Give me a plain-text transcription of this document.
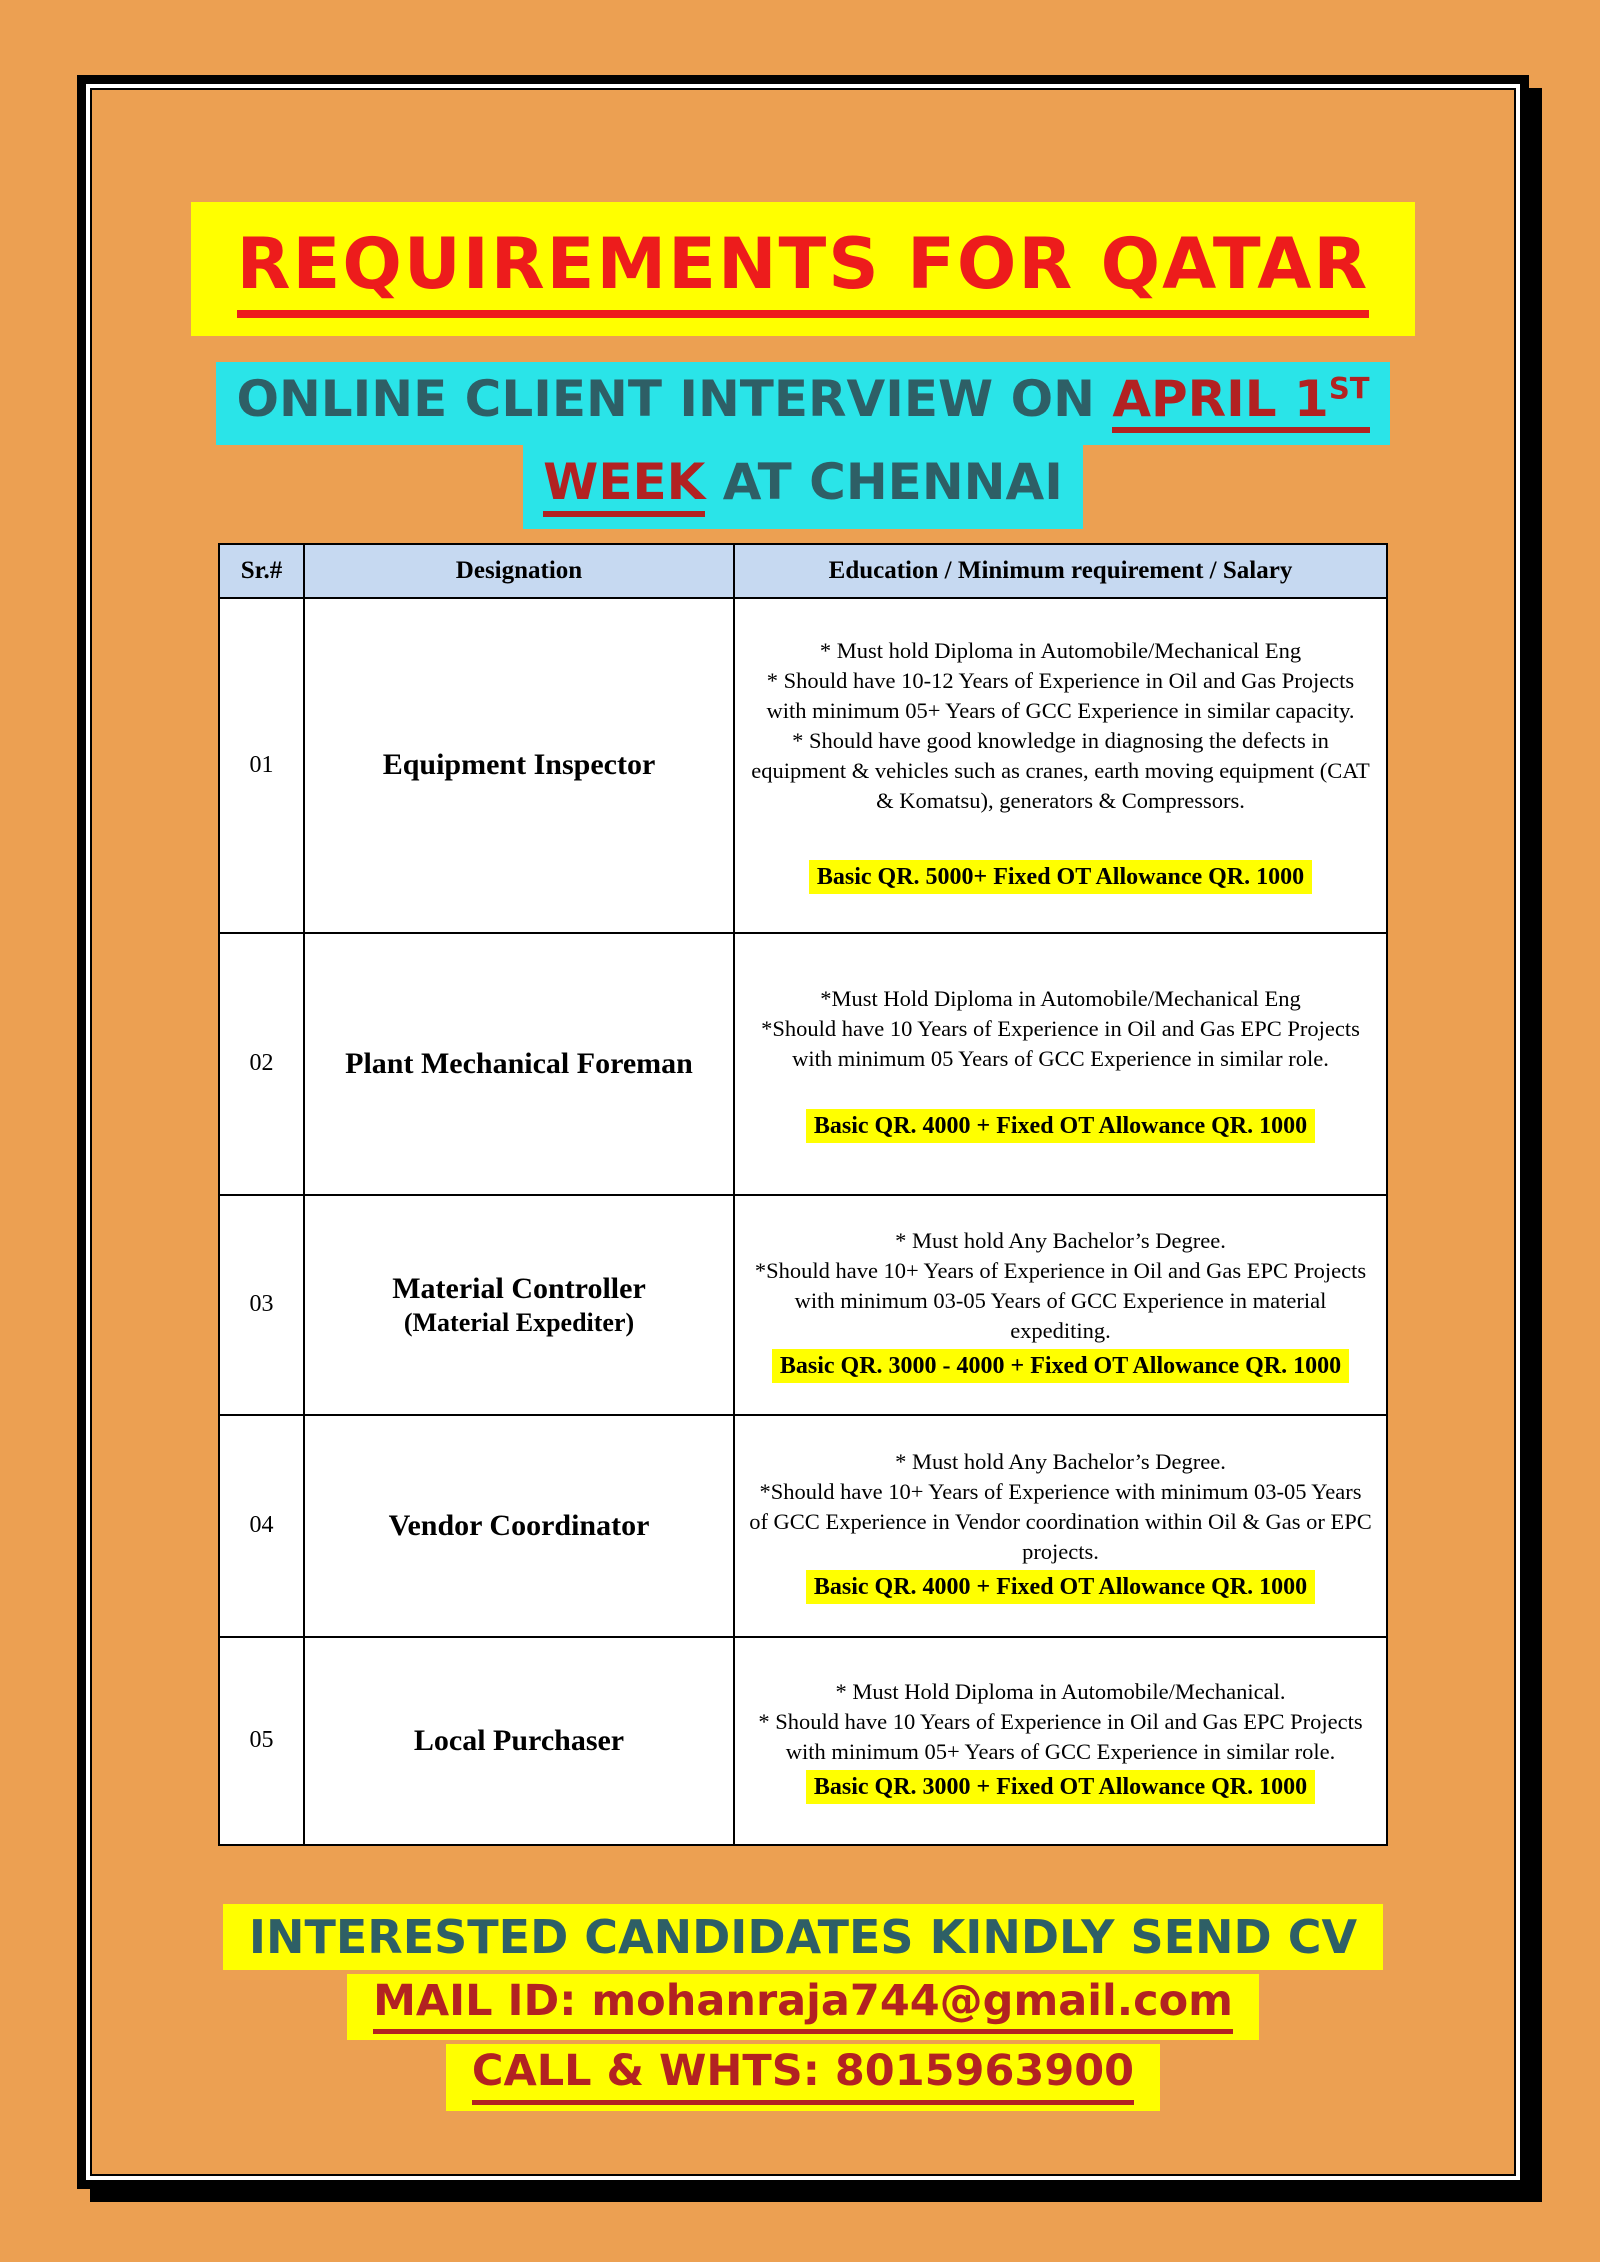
REQUIREMENTS FOR QATAR
ONLINE CLIENT INTERVIEW ON APRIL 1ST
WEEK AT CHENNAI
Sr.#	Designation	Education / Minimum requirement / Salary
01	Equipment Inspector	* Must hold Diploma in Automobile/Mechanical Eng

* Should have 10-12 Years of Experience in Oil and Gas Projects with minimum 05+ Years of GCC Experience in similar capacity.

* Should have good knowledge in diagnosing the defects in equipment & vehicles such as cranes, earth moving equipment (CAT & Komatsu), generators & Compressors.

Basic QR. 5000+ Fixed OT Allowance QR. 1000

02	Plant Mechanical Foreman	*Must Hold Diploma in Automobile/Mechanical Eng

*Should have 10 Years of Experience in Oil and Gas EPC Projects with minimum 05 Years of GCC Experience in similar role.

Basic QR. 4000 + Fixed OT Allowance QR. 1000

03	Material Controller
(Material Expediter)

* Must hold Any Bachelor’s Degree.

*Should have 10+ Years of Experience in Oil and Gas EPC Projects with minimum 03-05 Years of GCC Experience in material expediting.

Basic QR. 3000 - 4000 + Fixed OT Allowance QR. 1000

04	Vendor Coordinator	* Must hold Any Bachelor’s Degree.

*Should have 10+ Years of Experience with minimum 03-05 Years of GCC Experience in Vendor coordination within Oil & Gas or EPC projects.

Basic QR. 4000 + Fixed OT Allowance QR. 1000

05	Local Purchaser	* Must Hold Diploma in Automobile/Mechanical.

* Should have 10 Years of Experience in Oil and Gas EPC Projects with minimum 05+ Years of GCC Experience in similar role.

Basic QR. 3000 + Fixed OT Allowance QR. 1000
INTERESTED CANDIDATES KINDLY SEND CV
MAIL ID: mohanraja744@gmail.com
CALL & WHTS: 8015963900
